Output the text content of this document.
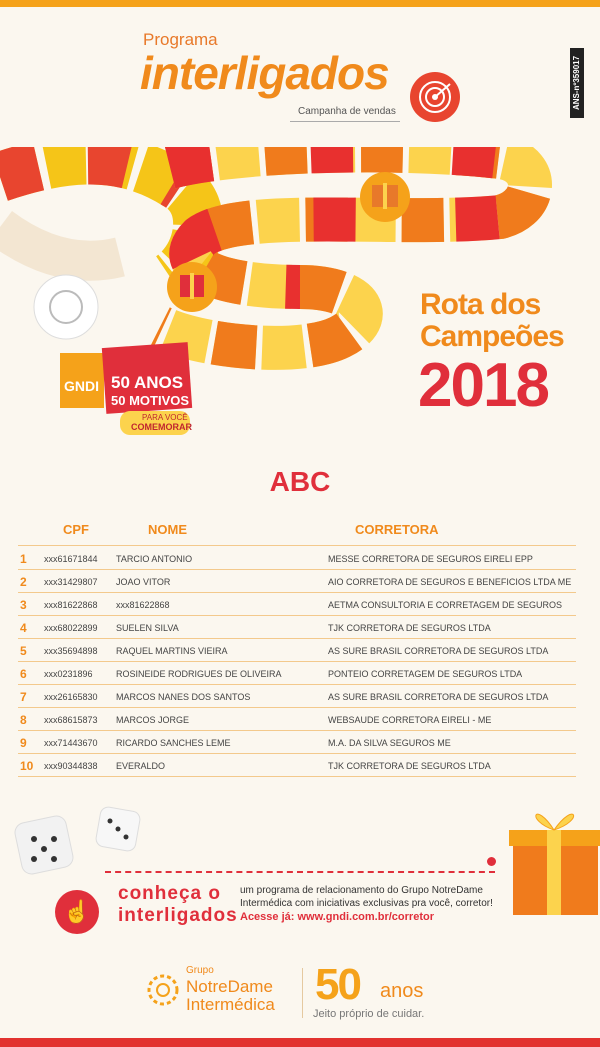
Programa
interligados
Campanha de vendas
ANS-nº359017
GNDI 50 ANOS
50 MOTIVOS
PARA VOCÊ
COMEMORAR
Rota dos
Campeões
2018
ABC
CPF	NOME	CORRETORA
1 xxx61671844 TARCIO ANTONIO	MESSE CORRETORA DE SEGUROS EIRELI EPP
2 xxx31429807 JOAO VITOR	AIO CORRETORA DE SEGUROS E BENEFICIOS LTDA ME
3 xxx81622868 xxx81622868	AETMA CONSULTORIA E CORRETAGEM DE SEGUROS
4 xxx68022899 SUELEN SILVA	TJK CORRETORA DE SEGUROS LTDA
5 xxx35694898 RAQUEL MARTINS VIEIRA	AS SURE BRASIL CORRETORA DE SEGUROS LTDA
6 xxx0231896	ROSINEIDE RODRIGUES DE OLIVEIRA	PONTEIO CORRETAGEM DE SEGUROS LTDA
7 xxx26165830 MARCOS NANES DOS SANTOS	AS SURE BRASIL CORRETORA DE SEGUROS LTDA
8 xxx68615873 MARCOS JORGE	WEBSAUDE CORRETORA EIRELI - ME
9 xxx71443670 RICARDO SANCHES LEME	M.A. DA SILVA SEGUROS ME
10 xxx90344838 EVERALDO	TJK CORRETORA DE SEGUROS LTDA
☝
conheça o
interligados
um programa de relacionamento do Grupo NotreDame
Intermédica com iniciativas exclusivas pra você, corretor!
Acesse já: www.gndi.com.br/corretor
Grupo
NotreDame
Intermédica 50 anos
Jeito próprio de cuidar.
